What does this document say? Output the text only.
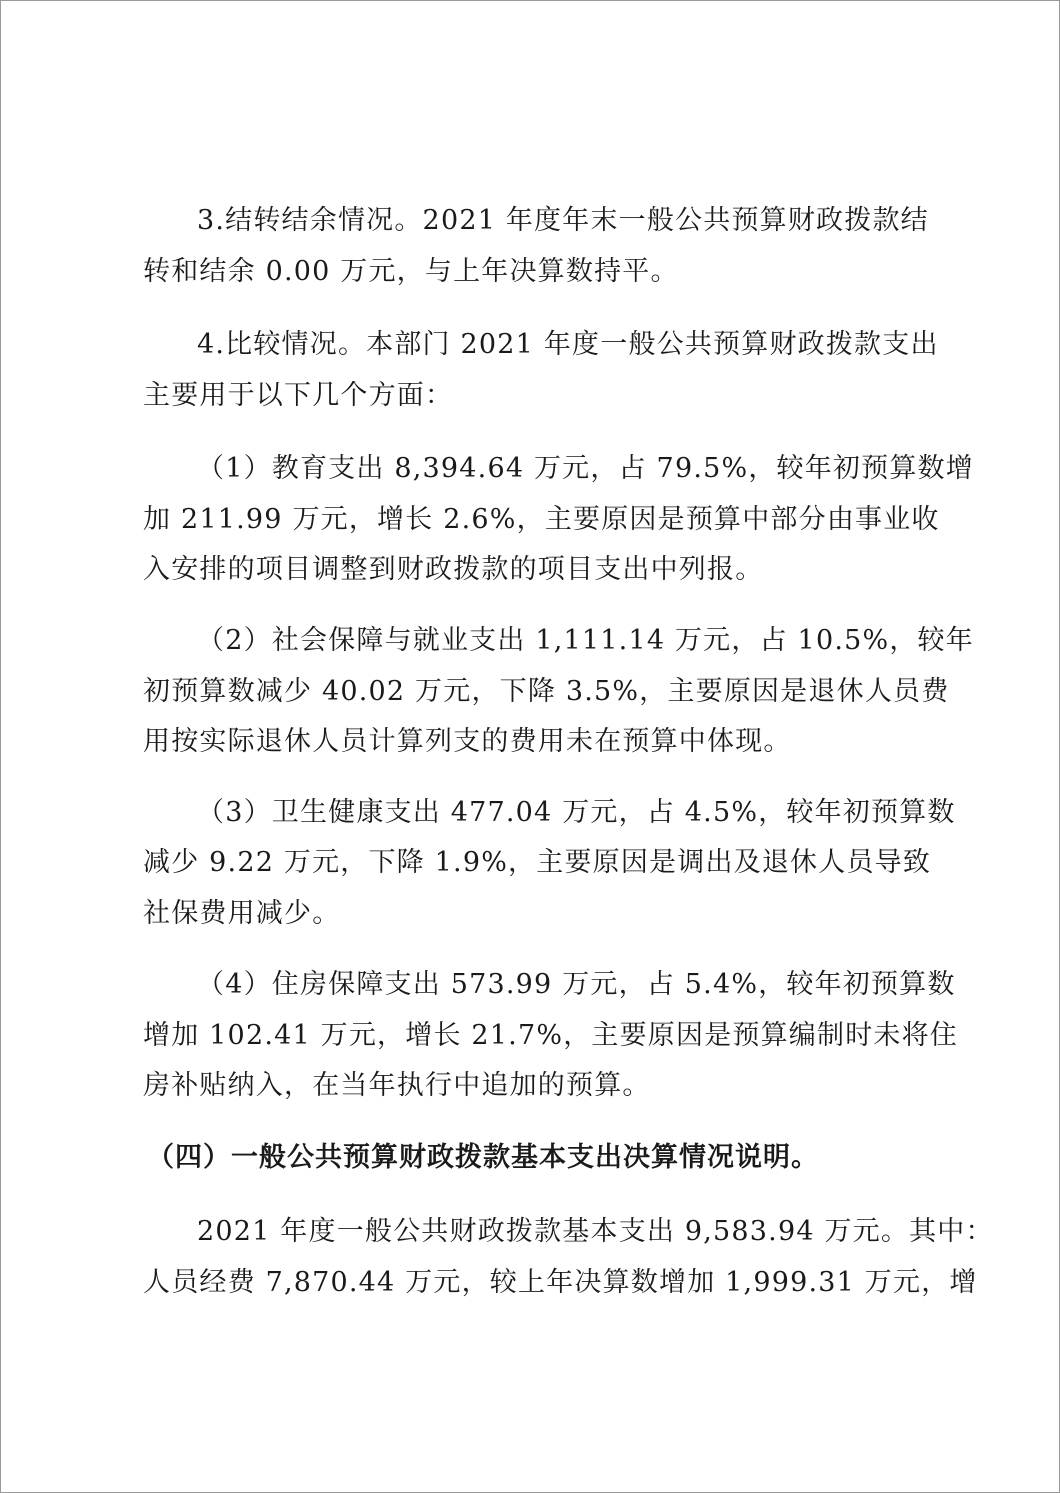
3.结转结余情况。2021 年度年末一般公共预算财政拨款结

转和结余 0.00 万元，与上年决算数持平。

4.比较情况。本部门 2021 年度一般公共预算财政拨款支出

主要用于以下几个方面：

（1）教育支出 8,394.64 万元，占 79.5%，较年初预算数增

加 211.99 万元，增长 2.6%，主要原因是预算中部分由事业收

入安排的项目调整到财政拨款的项目支出中列报。

（2）社会保障与就业支出 1,111.14 万元，占 10.5%，较年

初预算数减少 40.02 万元，下降 3.5%，主要原因是退休人员费

用按实际退休人员计算列支的费用未在预算中体现。

（3）卫生健康支出 477.04 万元，占 4.5%，较年初预算数

减少 9.22 万元，下降 1.9%，主要原因是调出及退休人员导致

社保费用减少。

（4）住房保障支出 573.99 万元，占 5.4%，较年初预算数

增加 102.41 万元，增长 21.7%，主要原因是预算编制时未将住

房补贴纳入，在当年执行中追加的预算。

（四）一般公共预算财政拨款基本支出决算情况说明。

2021 年度一般公共财政拨款基本支出 9,583.94 万元。其中：

人员经费 7,870.44 万元，较上年决算数增加 1,999.31 万元，增
